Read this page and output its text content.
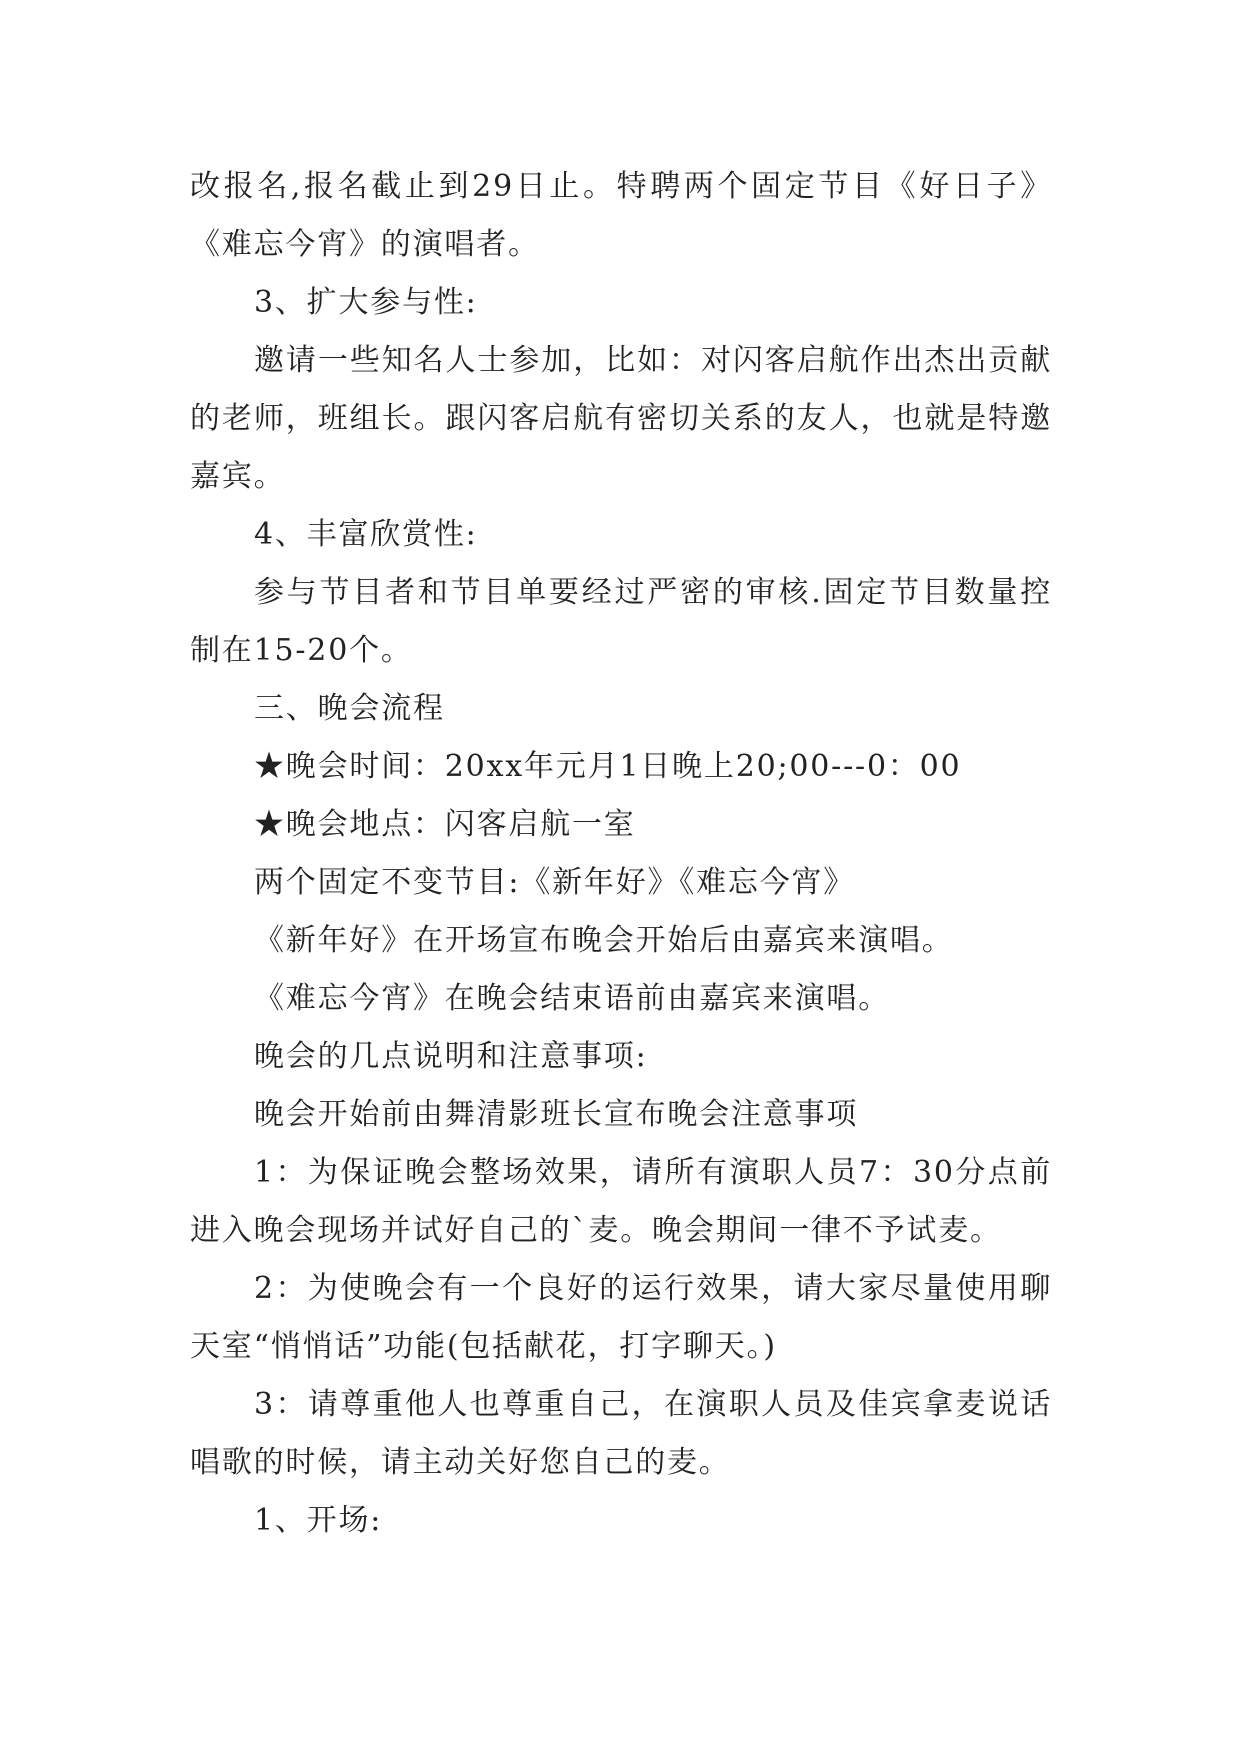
改报名,报名截止到29日止。特聘两个固定节目《好日子》《难忘今宵》的演唱者。

3、扩大参与性:

邀请一些知名人士参加，比如：对闪客启航作出杰出贡献的老师，班组长。跟闪客启航有密切关系的友人，也就是特邀嘉宾。

4、丰富欣赏性:

参与节目者和节目单要经过严密的审核.固定节目数量控制在15-20个。

三、晚会流程

★晚会时间：20xx年元月1日晚上20;00---0：00

★晚会地点：闪客启航一室

两个固定不变节目:《新年好》《难忘今宵》

《新年好》在开场宣布晚会开始后由嘉宾来演唱。

《难忘今宵》在晚会结束语前由嘉宾来演唱。

晚会的几点说明和注意事项:

晚会开始前由舞清影班长宣布晚会注意事项

1：为保证晚会整场效果，请所有演职人员7：30分点前进入晚会现场并试好自己的`麦。晚会期间一律不予试麦。

2：为使晚会有一个良好的运行效果，请大家尽量使用聊天室“悄悄话”功能(包括献花，打字聊天。)

3：请尊重他人也尊重自己，在演职人员及佳宾拿麦说话唱歌的时候，请主动关好您自己的麦。

1、开场:
